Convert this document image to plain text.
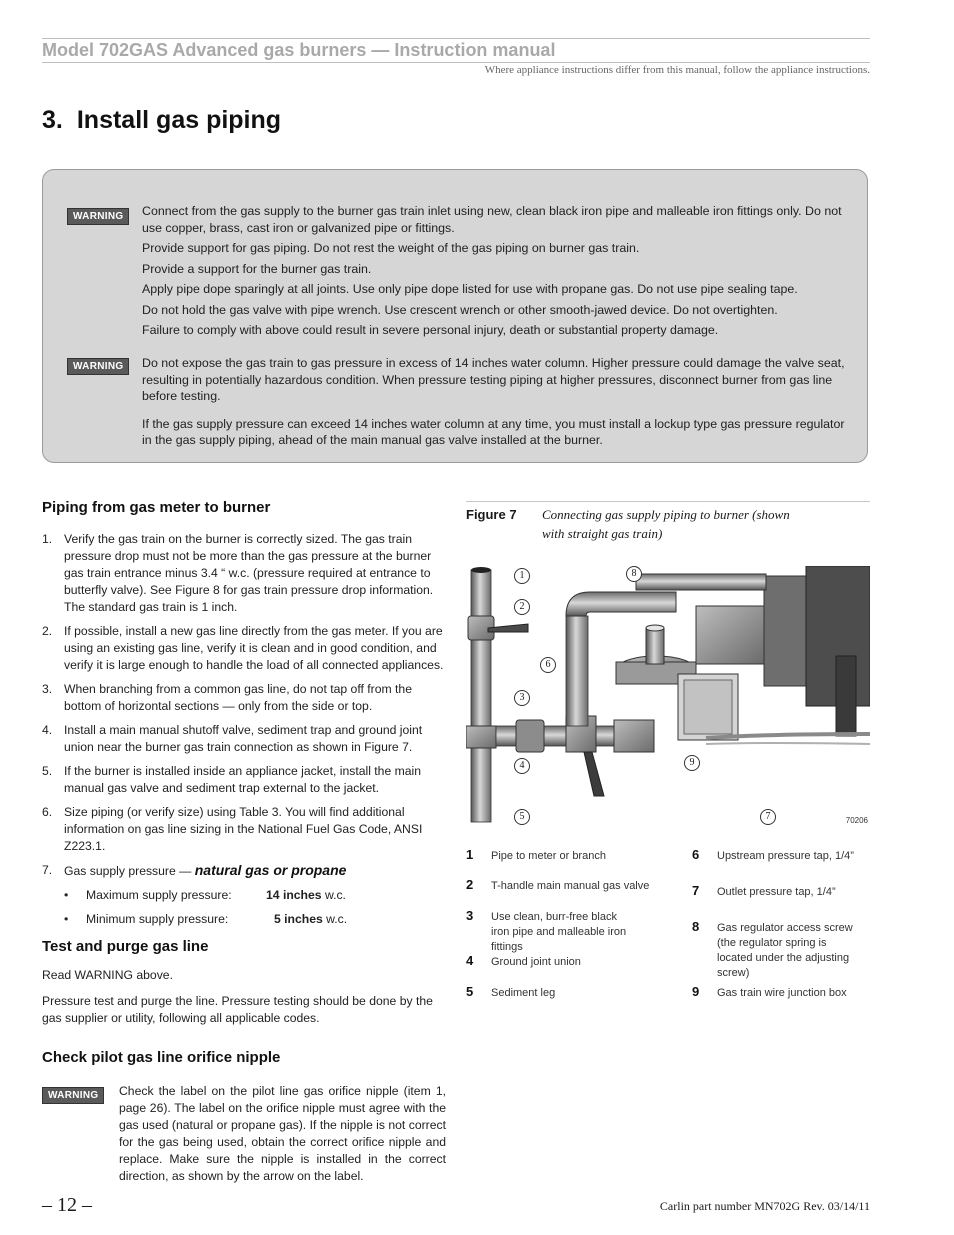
Model 702GAS Advanced gas burners — Instruction manual
Where appliance instructions differ from this manual, follow the appliance instructions.
3. Install gas piping
WARNING	Connect from the gas supply to the burner gas train inlet using new, clean black iron pipe and malleable iron fittings only. Do not use copper, brass, cast iron or galvanized pipe or fittings.

Provide support for gas piping. Do not rest the weight of the gas piping on burner gas train.

Provide a support for the burner gas train.

Apply pipe dope sparingly at all joints. Use only pipe dope listed for use with propane gas. Do not use pipe sealing tape.

Do not hold the gas valve with pipe wrench. Use crescent wrench or other smooth-jawed device. Do not overtighten.

Failure to comply with above could result in severe personal injury, death or substantial property damage.

WARNING	Do not expose the gas train to gas pressure in excess of 14 inches water column. Higher pressure could damage the valve seat, resulting in potentially hazardous condition. When pressure testing piping at higher pressures, disconnect burner from gas line before testing.

If the gas supply pressure can exceed 14 inches water column at any time, you must install a lockup type gas pressure regulator in the gas supply piping, ahead of the main manual gas valve installed at the burner.

Piping from gas meter to burner
1. Verify the gas train on the burner is correctly sized. The gas train pressure drop must not be more than the gas pressure at the burner gas train entrance minus 3.4 “ w.c. (pressure required at entrance to butterfly valve). See Figure 8 for gas train pressure drop information. The standard gas train is 1 inch.
2. If possible, install a new gas line directly from the gas meter. If you are using an existing gas line, verify it is clean and in good condition, and verify it is large enough to handle the load of all connected appliances.
3. When branching from a common gas line, do not tap off from the bottom of horizontal sections — only from the side or top.
4. Install a main manual shutoff valve, sediment trap and ground joint union near the burner gas train connection as shown in Figure 7.
5. If the burner is installed inside an appliance jacket, install the main manual gas valve and sediment trap external to the jacket.
6. Size piping (or verify size) using Table 3. You will find additional information on gas line sizing in the National Fuel Gas Code, ANSI Z223.1.
7. Gas supply pressure — natural gas or propane
• Maximum supply pressure:	14 inches w.c.
• Minimum supply pressure:	5 inches w.c.
Test and purge gas line

Read WARNING above.

Pressure test and purge the line. Pressure testing should be done by the gas supplier or utility, following all applicable codes.

Check pilot gas line orifice nipple
WARNING	Check the label on the pilot line gas orifice nipple (item 1, page 26). The label on the orifice nipple must agree with the gas used (natural or propane gas). If the nipple is not correct for the gas being used, obtain the correct orifice nipple and replace. Make sure the nipple is installed in the correct direction, as shown by the arrow on the label.
Figure 7 Connecting gas supply piping to burner (shown with straight gas train)
1
2
3
4
5
6
7
8
9
70206
1 Pipe to meter or branch
2 T-handle main manual gas valve
3 Use clean, burr-free black iron pipe and malleable iron fittings
4 Ground joint union
5 Sediment leg
6 Upstream pressure tap, 1/4”
7 Outlet pressure tap, 1/4”
8 Gas regulator access screw (the regulator spring is located under the adjusting screw)
9 Gas train wire junction box
– 12 –	Carlin part number MN702G Rev. 03/14/11
